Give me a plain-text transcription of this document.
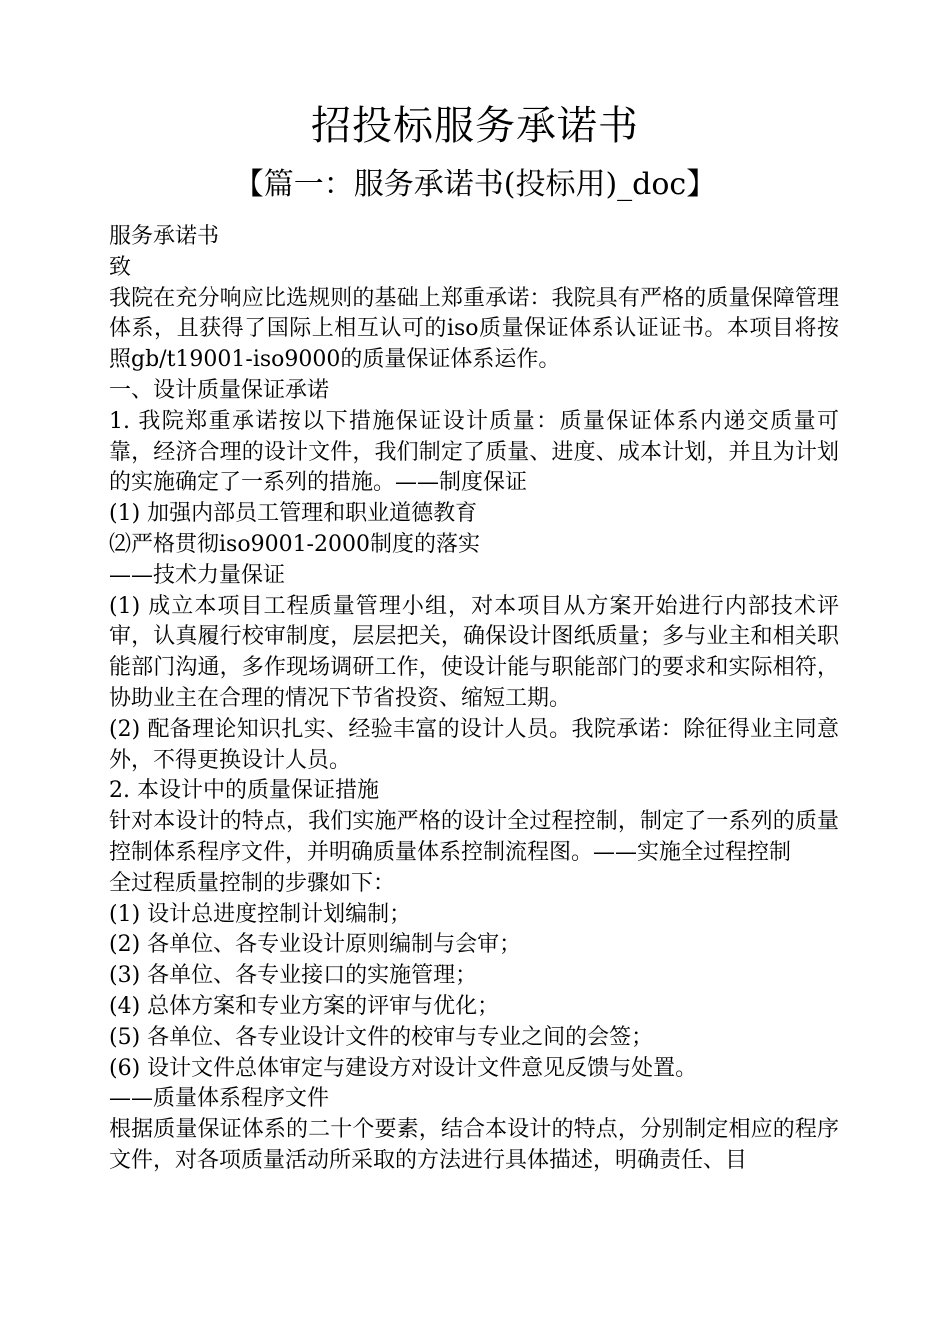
招投标服务承诺书
【篇一：服务承诺书(投标用)_doc】

服务承诺书

致

我院在充分响应比选规则的基础上郑重承诺：我院具有严格的质量保障管理体系，且获得了国际上相互认可的iso质量保证体系认证证书。本项目将按照gb/t19001-iso9000的质量保证体系运作。

一、设计质量保证承诺

1. 我院郑重承诺按以下措施保证设计质量：质量保证体系内递交质量可靠，经济合理的设计文件，我们制定了质量、进度、成本计划，并且为计划的实施确定了一系列的措施。——制度保证

(1) 加强内部员工管理和职业道德教育

⑵严格贯彻iso9001-2000制度的落实

——技术力量保证

(1) 成立本项目工程质量管理小组，对本项目从方案开始进行内部技术评审，认真履行校审制度，层层把关，确保设计图纸质量；多与业主和相关职能部门沟通，多作现场调研工作，使设计能与职能部门的要求和实际相符，协助业主在合理的情况下节省投资、缩短工期。

(2) 配备理论知识扎实、经验丰富的设计人员。我院承诺：除征得业主同意外，不得更换设计人员。

2. 本设计中的质量保证措施

针对本设计的特点，我们实施严格的设计全过程控制，制定了一系列的质量控制体系程序文件，并明确质量体系控制流程图。——实施全过程控制

全过程质量控制的步骤如下：

(1) 设计总进度控制计划编制；

(2) 各单位、各专业设计原则编制与会审；

(3) 各单位、各专业接口的实施管理；

(4) 总体方案和专业方案的评审与优化；

(5) 各单位、各专业设计文件的校审与专业之间的会签；

(6) 设计文件总体审定与建设方对设计文件意见反馈与处置。

——质量体系程序文件

根据质量保证体系的二十个要素，结合本设计的特点，分别制定相应的程序文件，对各项质量活动所采取的方法进行具体描述，明确责任、目
